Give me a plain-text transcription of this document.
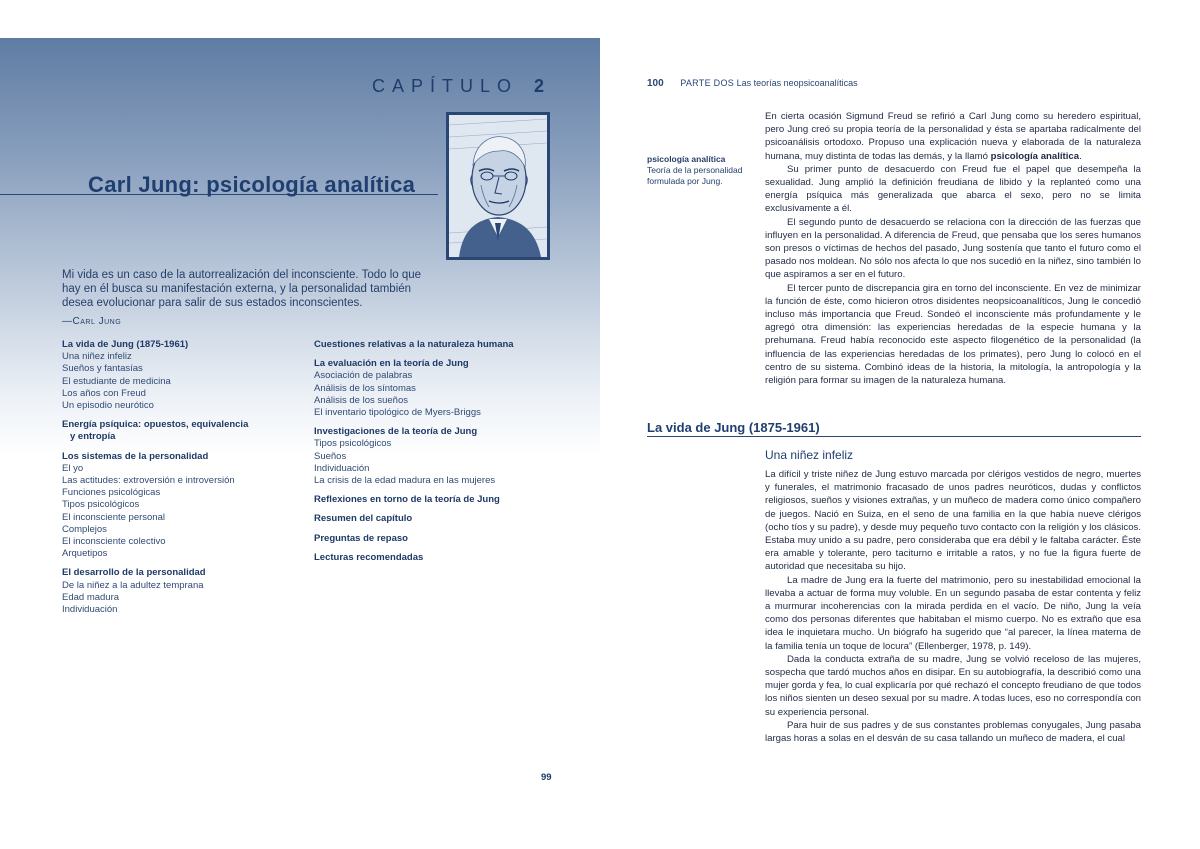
CAPÍTULO 2
Carl Jung: psicología analítica
Mi vida es un caso de la autorrealización del inconsciente. Todo lo que hay en él busca su manifestación externa, y la personalidad también desea evolucionar para salir de sus estados inconscientes.
—Carl Jung
La vida de Jung (1875-1961)
Una niñez infeliz
Sueños y fantasías
El estudiante de medicina
Los años con Freud
Un episodio neurótico
Energía psíquica: opuestos, equivalencia
y entropía
Los sistemas de la personalidad
El yo
Las actitudes: extroversión e introversión
Funciones psicológicas
Tipos psicológicos
El inconsciente personal
Complejos
El inconsciente colectivo
Arquetipos
El desarrollo de la personalidad
De la niñez a la adultez temprana
Edad madura
Individuación
Cuestiones relativas a la naturaleza humana
La evaluación en la teoría de Jung
Asociación de palabras
Análisis de los síntomas
Análisis de los sueños
El inventario tipológico de Myers-Briggs
Investigaciones de la teoría de Jung
Tipos psicológicos
Sueños
Individuación
La crisis de la edad madura en las mujeres
Reflexiones en torno de la teoría de Jung
Resumen del capítulo
Preguntas de repaso
Lecturas recomendadas
99
100 PARTE DOS Las teorías neopsicoanalíticas
psicología analítica
Teoría de la personalidad formulada por Jung.

En cierta ocasión Sigmund Freud se refirió a Carl Jung como su heredero espiritual, pero Jung creó su propia teoría de la personalidad y ésta se apartaba radicalmente del psicoanálisis ortodoxo. Propuso una explicación nueva y elaborada de la naturaleza humana, muy distinta de todas las demás, y la llamó psicología analítica.

Su primer punto de desacuerdo con Freud fue el papel que desempeña la sexualidad. Jung amplió la definición freudiana de libido y la replanteó como una energía psíquica más generalizada que abarca el sexo, pero no se limita exclusivamente a él.

El segundo punto de desacuerdo se relaciona con la dirección de las fuerzas que influyen en la personalidad. A diferencia de Freud, que pensaba que los seres humanos son presos o víctimas de hechos del pasado, Jung sostenía que tanto el futuro como el pasado nos moldean. No sólo nos afecta lo que nos sucedió en la niñez, sino también lo que aspiramos a ser en el futuro.

El tercer punto de discrepancia gira en torno del inconsciente. En vez de minimizar la función de éste, como hicieron otros disidentes neopsicoanalíticos, Jung le concedió incluso más importancia que Freud. Sondeó el inconsciente más profundamente y le agregó otra dimensión: las experiencias heredadas de la especie humana y la prehumana. Freud había reconocido este aspecto filogenético de la personalidad (la influencia de las experiencias heredadas de los primates), pero Jung lo colocó en el centro de su sistema. Combinó ideas de la historia, la mitología, la antropología y la religión para formar su imagen de la naturaleza humana.

La vida de Jung (1875-1961)
Una niñez infeliz

La difícil y triste niñez de Jung estuvo marcada por clérigos vestidos de negro, muertes y funerales, el matrimonio fracasado de unos padres neuróticos, dudas y conflictos religiosos, sueños y visiones extrañas, y un muñeco de madera como único compañero de juegos. Nació en Suiza, en el seno de una familia en la que había nueve clérigos (ocho tíos y su padre), y desde muy pequeño tuvo contacto con la religión y los clásicos. Estaba muy unido a su padre, pero consideraba que era débil y le faltaba carácter. Éste era amable y tolerante, pero taciturno e irritable a ratos, y no fue la figura fuerte de autoridad que necesitaba su hijo.

La madre de Jung era la fuerte del matrimonio, pero su inestabilidad emocional la llevaba a actuar de forma muy voluble. En un segundo pasaba de estar contenta y feliz a murmurar incoherencias con la mirada perdida en el vacío. De niño, Jung la veía como dos personas diferentes que habitaban el mismo cuerpo. No es extraño que esa idea le inquietara mucho. Un biógrafo ha sugerido que “al parecer, la línea materna de la familia tenía un toque de locura” (Ellenberger, 1978, p. 149).

Dada la conducta extraña de su madre, Jung se volvió receloso de las mujeres, sospecha que tardó muchos años en disipar. En su autobiografía, la describió como una mujer gorda y fea, lo cual explicaría por qué rechazó el concepto freudiano de que todos los niños sienten un deseo sexual por su madre. A todas luces, eso no correspondía con su experiencia personal.

Para huir de sus padres y de sus constantes problemas conyugales, Jung pasaba largas horas a solas en el desván de su casa tallando un muñeco de madera, el cual
